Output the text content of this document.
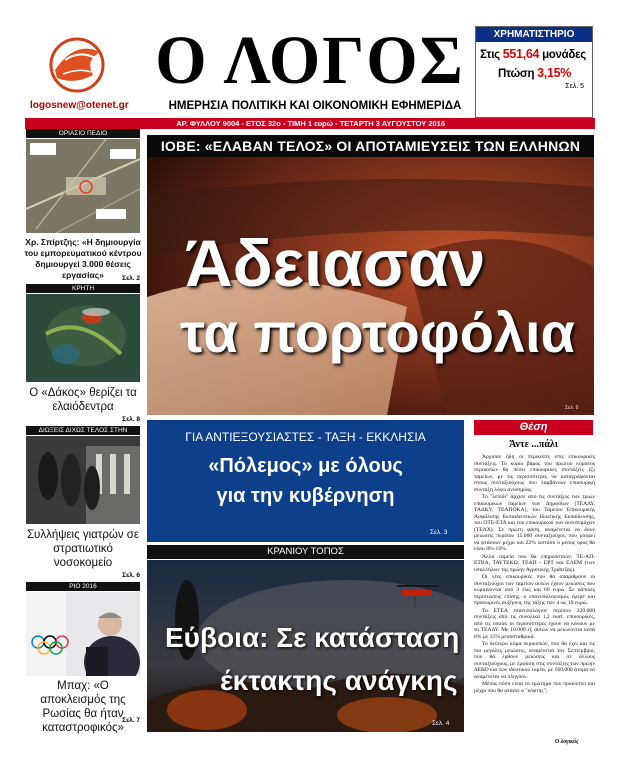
logosnew@otenet.gr
Ο ΛΟΓΟΣ
ΗΜΕΡΗΣΙΑ ΠΟΛΙΤΙΚΗ ΚΑΙ ΟΙΚΟΝΟΜΙΚΗ ΕΦΗΜΕΡΙΔΑ
ΧΡΗΜΑΤΙΣΤΗΡΙΟ
Στις 551,64 μονάδες
Πτώση 3,15%
Σελ. 5
ΑΡ. ΦΥΛΛΟΥ 9004 - ΕΤΟΣ 32ο - ΤΙΜΗ 1 ευρώ - ΤΕΤΑΡΤΗ 3 ΑΥΓΟΥΣΤΟΥ 2016
ΟΡΙΑΣΙΟ ΠΕΔΙΟ
Χρ. Σπίρτζης: «Η δημιουργία του εμπορευματικού κέντρου δημιουργεί 3.000 θέσεις εργασίας»	Σελ. 2
ΚΡΗΤΗ
Ο «Δάκος» θερίζει τα ελαιόδεντρα
Σελ. 8
ΔΙΩΞΕΙΣ ΔΙΧΩΣ ΤΕΛΟΣ ΣΤΗΝ
Συλλήψεις γιατρών σε στρατιωτικό νοσοκομείο
Σελ. 6
ΡΙΟ 2016
Μπαχ: «Ο αποκλεισμός της Ρωσίας θα ήταν καταστροφικός»
Σελ. 7
ΙΟΒΕ: «ΕΛΑΒΑΝ ΤΕΛΟΣ» ΟΙ ΑΠΟΤΑΜΙΕΥΣΕΙΣ ΤΩΝ ΕΛΛΗΝΩΝ
Άδειασαν
τα πορτοφόλια
Σελ. 9
ΓΙΑ ΑΝΤΙΕΞΟΥΣΙΑΣΤΕΣ - ΤΑΞΗ - ΕΚΚΛΗΣΙΑ
«Πόλεμος» με όλους
για την κυβέρνηση
Σελ. 3
ΚΡΑΝΙΟΥ ΤΟΠΟΣ
Εύβοια: Σε κατάσταση
έκτακτης ανάγκης
Σελ. 4
Θέση
Άντε ...πάλι

Άρχισαν ήδη οι περικοπές στις επικουρικές συντάξεις. Το κύριο βάρος του πρώτου κύματος περικοπών θα πέσει επικουρικές συντάξεις έξι ταμείων, με τις περισσότερες να καταγράφονται στους συνταξιούχους που λαμβάνουν επικουρική σύνταξη λόγω ανοσηρίας.

Το "λεπίδι" άρχισε από τις συντάξεις των τριών επικουρικών ταμείων των Δημοσίων (ΤΕΑΔΥ, ΤΑΔΚΥ, ΤΕΑΠΟΚΑ), του Ταμείου Επικουρικής Ασφάλισης Εκπαιδευτικών Ιδιωτικής Εκπαίδευσης, του ΟΤΕ-ΕΤΑ και του επικουρικού των αυτοτεμάχων (ΤΕΑΧ). Σε πρώτη φάση, αναμένεται να δουν μειώσεις περίπου 15.000 συνταξιούχοι, που μπορεί να φτάσουν μέχρι και 22% ωστόσο ο μέσος όρος θα είναι 8%-16%.

Άλλα ταμεία που θα επηρεαστούν: ΤΕ-ΑΠ-ΕΤΒΑ, ΤΑΥΤΕΚΩ, ΤΕΑΠ - ΕΡΤ και ΕΛΕΜ (των υπαλλήλων της πρώην Αγροτικής Τράπεζας).

Οι νέες επικουρικές που θα απαριθμούν οι συνταξιούχοι των ταμείων αυτών έχουν μειώσεις που κυμαίνονται από 3 έως και 66 ευρώ. Σε κάποιες περιπτώσεις επίσης, ο επανυπολογισμός έφερε και προσωρινές αυξήσεις της τάξης των 4 ως 10 ευρώ.

Το ΕΤΕΑ επανυπολόγισε περίπου 320.000 συντάξεις από τις συνολικά 1,2 εκατ. επικουρικές, από τις οποίες οι περισσότερες έχουν να κάνουν με το ΤΕΑΔΥ. Με 10.000 εξ αυτών να μειώνονται κατά 8% με 15% μεσοσταθμικά.

Το δεύτερο κύμα περικοπών, που θα έχει και τις πιο μεγάλες μειώσεις, αναμένεται τον Σεπτέμβριο, που θα έρθουν μειώσεις και σε άλλους συνταξιούχους, με έμφαση στις συντάξεις των πρώην ΔΕΚΟ και των ιδιωτικού τομέα, με 160.000 άτομα να αναμένεται να πληγούν.

Μέσος πόσο είναι το ερώτημα που προκύπτει και μέχρι που θα φτάσει ο "κόφτης";

Ο λογικός
